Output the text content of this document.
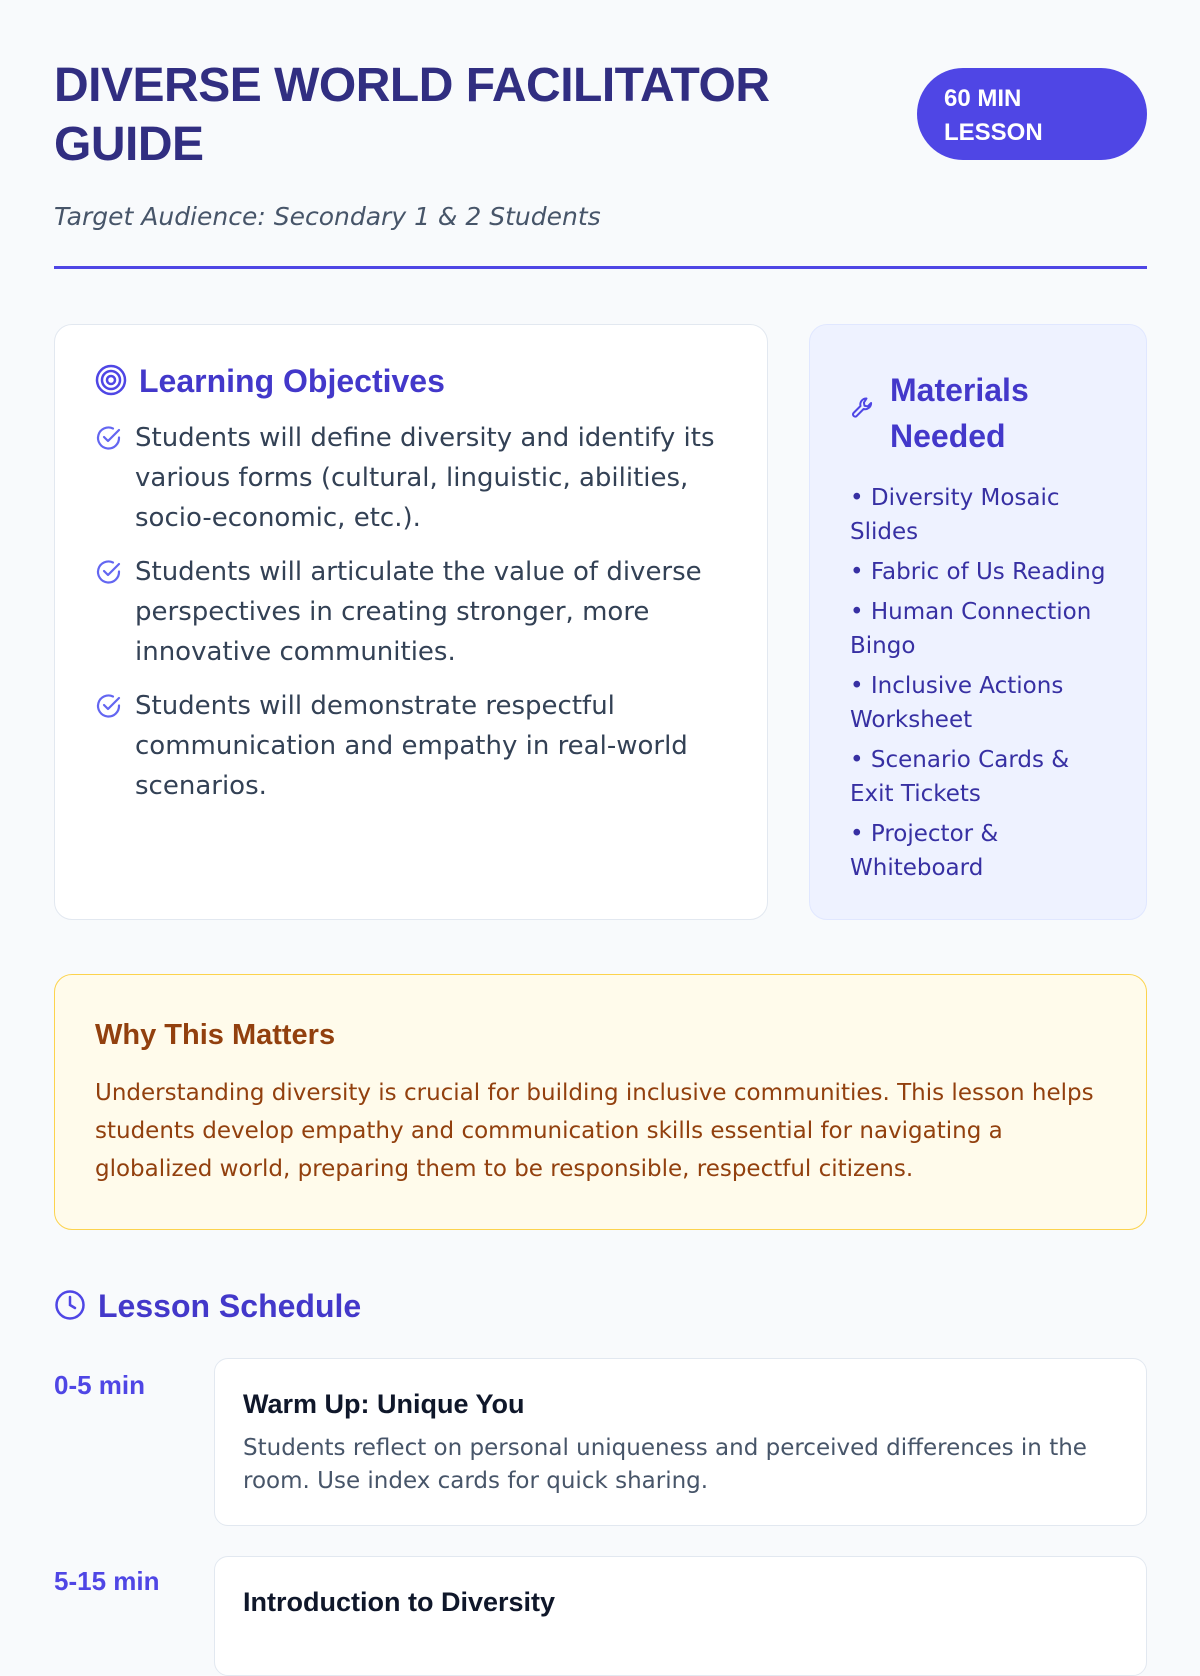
DIVERSE WORLD FACILITATOR GUIDE
60 MIN LESSON

Target Audience: Secondary 1 & 2 Students

Learning Objectives
Students will define diversity and identify its various forms (cultural, linguistic, abilities, socio-economic, etc.).
Students will articulate the value of diverse perspectives in creating stronger, more innovative communities.
Students will demonstrate respectful communication and empathy in real-world scenarios.
Materials Needed
• Diversity Mosaic Slides
• Fabric of Us Reading
• Human Connection Bingo
• Inclusive Actions Worksheet
• Scenario Cards & Exit Tickets
• Projector & Whiteboard
Why This Matters

Understanding diversity is crucial for building inclusive communities. This lesson helps students develop empathy and communication skills essential for navigating a globalized world, preparing them to be responsible, respectful citizens.

Lesson Schedule
0-5 min
Warm Up: Unique You

Students reflect on personal uniqueness and perceived differences in the room. Use index cards for quick sharing.

5-15 min
Introduction to Diversity
